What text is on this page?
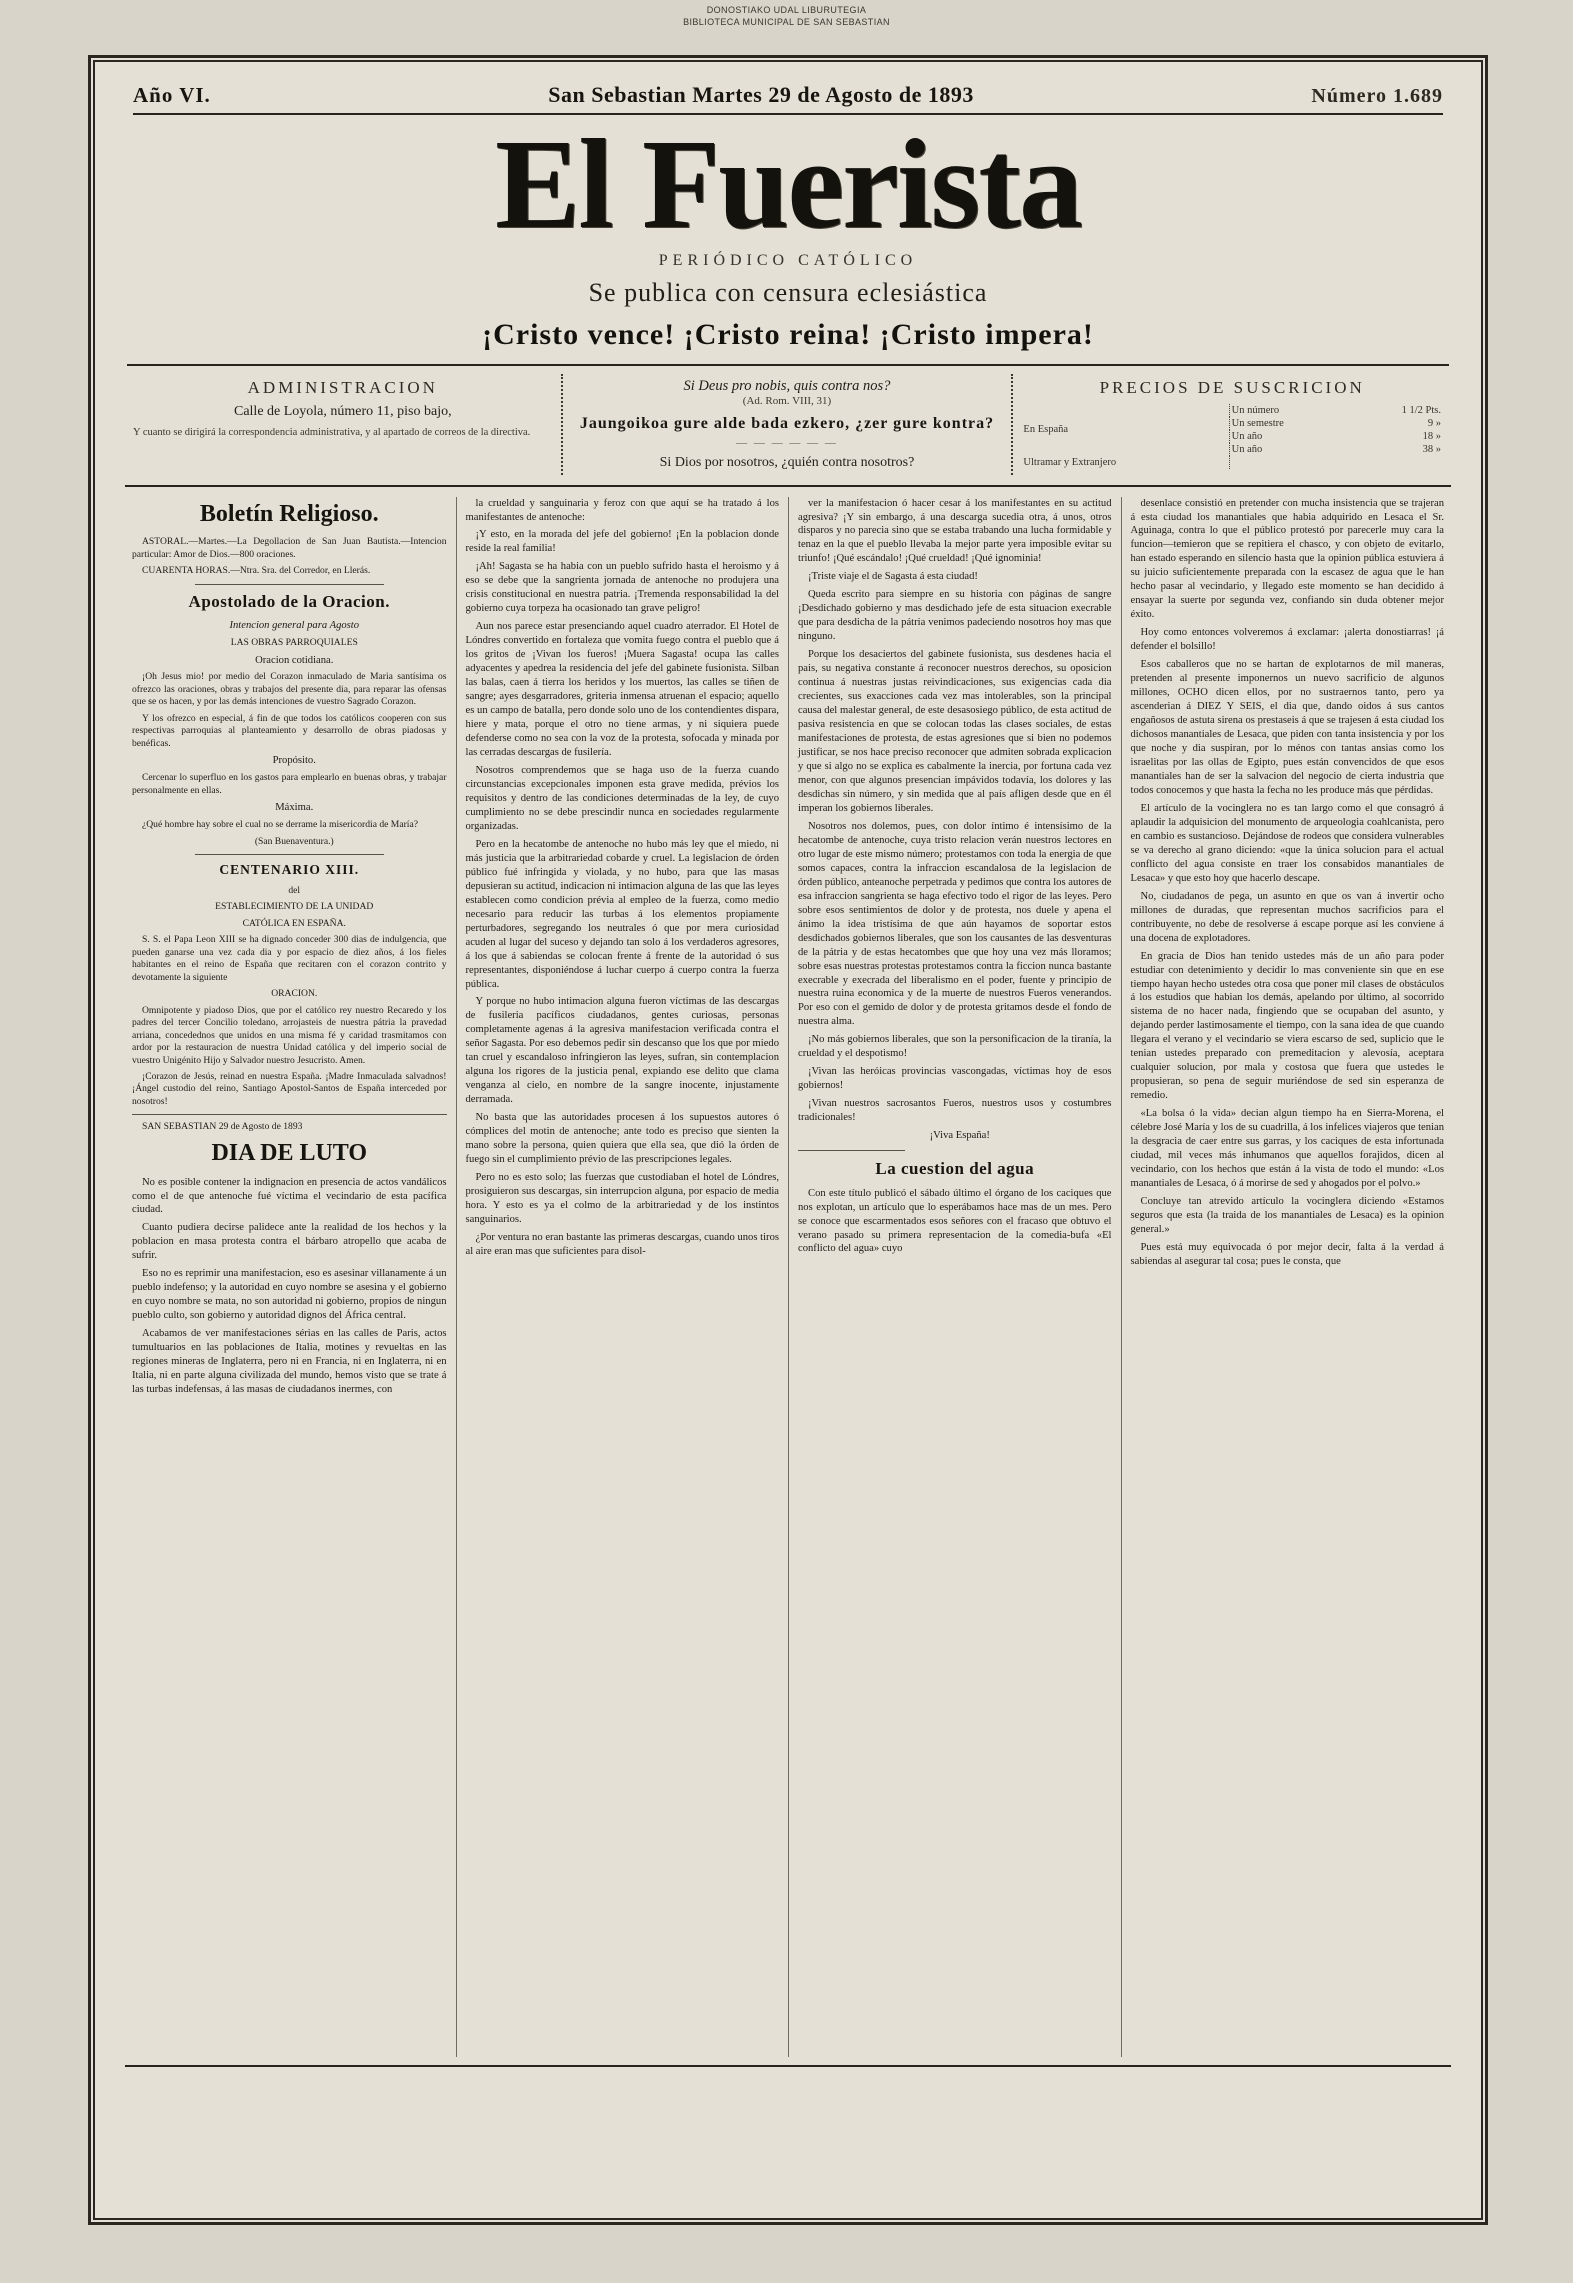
DONOSTIAKO UDAL LIBURUTEGIA
BIBLIOTECA MUNICIPAL DE SAN SEBASTIAN
Año VI.	San Sebastian Martes 29 de Agosto de 1893	Número 1.689
El Fuerista
PERIÓDICO CATÓLICO
Se publica con censura eclesiástica
¡Cristo vence! ¡Cristo reina! ¡Cristo impera!
ADMINISTRACION
Calle de Loyola, número 11, piso bajo,
Y cuanto se dirigirá la correspondencia administrativa, y al apartado de correos de la directiva.
Si Deus pro nobis, quis contra nos?
(Ad. Rom. VIII, 31)
Jaungoikoa gure alde bada ezkero, ¿zer gure kontra?
— — — — — —
Si Dios por nosotros, ¿quién contra nosotros?
PRECIOS DE SUSCRICION
En España	Un número	1 1/2 Pts.
	Un semestre	9 »
	Un año	18 »
	Un año	38 »
Ultramar y Extranjero		
Boletín Religioso.

ASTORAL.—Martes.—La Degollacion de San Juan Bautista.—Intencion particular: Amor de Dios.—800 oraciones.

CUARENTA HORAS.—Ntra. Sra. del Corredor, en Llerás.

Apostolado de la Oracion.

Intencion general para Agosto

LAS OBRAS PARROQUIALES

Oracion cotidiana.

¡Oh Jesus mio! por medio del Corazon inmaculado de Maria santísima os ofrezco las oraciones, obras y trabajos del presente dia, para reparar las ofensas que se os hacen, y por las demás intenciones de vuestro Sagrado Corazon.

Y los ofrezco en especial, á fin de que todos los católicos cooperen con sus respectivas parroquias al planteamiento y desarrollo de obras piadosas y benéficas.

Propósito.

Cercenar lo superfluo en los gastos para emplearlo en buenas obras, y trabajar personalmente en ellas.

Máxima.

¿Qué hombre hay sobre el cual no se derrame la misericordia de María?

(San Buenaventura.)

CENTENARIO XIII.

del

ESTABLECIMIENTO DE LA UNIDAD

CATÓLICA EN ESPAÑA.

S. S. el Papa Leon XIII se ha dignado conceder 300 dias de indulgencia, que pueden ganarse una vez cada dia y por espacio de diez años, á los fieles habitantes en el reino de España que recitaren con el corazon contrito y devotamente la siguiente

ORACION.

Omnipotente y piadoso Dios, que por el católico rey nuestro Recaredo y los padres del tercer Concilio toledano, arrojasteis de nuestra pátria la pravedad arriana, concedednos que unidos en una misma fé y caridad trasmitamos con ardor por la restauracion de nuestra Unidad católica y del imperio social de vuestro Unigénito Hijo y Salvador nuestro Jesucristo. Amen.

¡Corazon de Jesús, reinad en nuestra España. ¡Madre Inmaculada salvadnos! ¡Ángel custodio del reino, Santiago Apostol-Santos de España interceded por nosotros!

SAN SEBASTIAN 29 de Agosto de 1893

DIA DE LUTO

No es posible contener la indignacion en presencia de actos vandálicos como el de que antenoche fué víctima el vecindario de esta pacífica ciudad.

Cuanto pudiera decirse palidece ante la realidad de los hechos y la poblacion en masa protesta contra el bárbaro atropello que acaba de sufrir.

Eso no es reprimir una manifestacion, eso es asesinar villanamente á un pueblo indefenso; y la autoridad en cuyo nombre se asesina y el gobierno en cuyo nombre se mata, no son autoridad ni gobierno, propios de ningun pueblo culto, son gobierno y autoridad dignos del África central.

Acabamos de ver manifestaciones sérias en las calles de Paris, actos tumultuarios en las poblaciones de Italia, motines y revueltas en las regiones mineras de Inglaterra, pero ni en Francia, ni en Inglaterra, ni en Italia, ni en parte alguna civilizada del mundo, hemos visto que se trate á las turbas indefensas, á las masas de ciudadanos inermes, con

la crueldad y sanguinaria y feroz con que aquí se ha tratado á los manifestantes de antenoche:

¡Y esto, en la morada del jefe del gobierno! ¡En la poblacion donde reside la real familia!

¡Ah! Sagasta se ha habia con un pueblo sufrido hasta el heroismo y á eso se debe que la sangrienta jornada de antenoche no produjera una crisis constitucional en nuestra patria. ¡Tremenda responsabilidad la del gobierno cuya torpeza ha ocasionado tan grave peligro!

Aun nos parece estar presenciando aquel cuadro aterrador. El Hotel de Lóndres convertido en fortaleza que vomita fuego contra el pueblo que á los gritos de ¡Vivan los fueros! ¡Muera Sagasta! ocupa las calles adyacentes y apedrea la residencia del jefe del gabinete fusionista. Silban las balas, caen á tierra los heridos y los muertos, las calles se tiñen de sangre; ayes desgarradores, griteria inmensa atruenan el espacio; aquello es un campo de batalla, pero donde solo uno de los contendientes dispara, hiere y mata, porque el otro no tiene armas, y ni siquiera puede defenderse como no sea con la voz de la protesta, sofocada y minada por las cerradas descargas de fusilería.

Nosotros comprendemos que se haga uso de la fuerza cuando circunstancias excepcionales imponen esta grave medida, prévios los requisitos y dentro de las condiciones determinadas de la ley, de cuyo cumplimiento no se debe prescindir nunca en sociedades regularmente organizadas.

Pero en la hecatombe de antenoche no hubo más ley que el miedo, ni más justicia que la arbitrariedad cobarde y cruel. La legislacion de órden público fué infringida y violada, y no hubo, para que las masas depusieran su actitud, indicacion ni intimacion alguna de las que las leyes establecen como condicion prévia al empleo de la fuerza, como medio necesario para reducir las turbas á los elementos propiamente perturbadores, segregando los neutrales ó que por mera curiosidad acuden al lugar del suceso y dejando tan solo á los verdaderos agresores, á los que á sabiendas se colocan frente á frente de la autoridad ó sus representantes, disponiéndose á luchar cuerpo á cuerpo contra la fuerza pública.

Y porque no hubo intimacion alguna fueron víctimas de las descargas de fusileria pacíficos ciudadanos, gentes curiosas, personas completamente agenas á la agresiva manifestacion verificada contra el señor Sagasta. Por eso debemos pedir sin descanso que los que por miedo tan cruel y escandaloso infringieron las leyes, sufran, sin contemplacion alguna los rigores de la justicia penal, expiando ese delito que clama venganza al cielo, en nombre de la sangre inocente, injustamente derramada.

No basta que las autoridades procesen á los supuestos autores ó cómplices del motin de antenoche; ante todo es preciso que sienten la mano sobre la persona, quien quiera que ella sea, que dió la órden de fuego sin el cumplimiento prévio de las prescripciones legales.

Pero no es esto solo; las fuerzas que custodiaban el hotel de Lóndres, prosiguieron sus descargas, sin interrupcion alguna, por espacio de media hora. Y esto es ya el colmo de la arbitrariedad y de los instintos sanguinarios.

¿Por ventura no eran bastante las primeras descargas, cuando unos tiros al aire eran mas que suficientes para disol-

ver la manifestacion ó hacer cesar á los manifestantes en su actitud agresiva? ¡Y sin embargo, á una descarga sucedia otra, á unos, otros disparos y no parecia sino que se estaba trabando una lucha formidable y tenaz en la que el pueblo llevaba la mejor parte yera imposible evitar su triunfo! ¡Qué escándalo! ¡Qué crueldad! ¡Qué ignominia!

¡Triste viaje el de Sagasta á esta ciudad!

Queda escrito para siempre en su historia con páginas de sangre ¡Desdichado gobierno y mas desdichado jefe de esta situacion execrable que para desdicha de la pátria venimos padeciendo nosotros hoy mas que ninguno.

Porque los desaciertos del gabinete fusionista, sus desdenes hacia el pais, su negativa constante á reconocer nuestros derechos, su oposicion continua á nuestras justas reivindicaciones, sus exigencias cada dia crecientes, sus exacciones cada vez mas intolerables, son la principal causa del malestar general, de este desasosiego público, de esta actitud de pasiva resistencia en que se colocan todas las clases sociales, de estas manifestaciones de protesta, de estas agresiones que si bien no podemos justificar, se nos hace preciso reconocer que admiten sobrada explicacion y que si algo no se explica es cabalmente la inercia, por fortuna cada vez menor, con que algunos presencian impávidos todavía, los dolores y las desdichas sin número, y sin medida que al país afligen desde que en él imperan los gobiernos liberales.

Nosotros nos dolemos, pues, con dolor íntimo é intensísimo de la hecatombe de antenoche, cuya tristo relacion verán nuestros lectores en otro lugar de este mismo número; protestamos con toda la energia de que somos capaces, contra la infraccion escandalosa de la legislacion de órden público, anteanoche perpetrada y pedimos que contra los autores de esa infraccion sangrienta se haga efectivo todo el rigor de las leyes. Pero sobre esos sentimientos de dolor y de protesta, nos duele y apena el ánimo la idea tristísima de que aún hayamos de soportar estos desdichados gobiernos liberales, que son los causantes de las desventuras de la pátria y de estas hecatombes que que hoy una vez más lloramos; sobre esas nuestras protestas protestamos contra la ficcion nunca bastante execrable y execrada del liberalismo en el poder, fuente y principio de nuestra ruina economica y de la muerte de nuestros Fueros venerandos. Por eso con el gemido de dolor y de protesta gritamos desde el fondo de nuestra alma.

¡No más gobiernos liberales, que son la personificacion de la tiranía, la crueldad y el despotismo!

¡Vivan las heróicas provincias vascongadas, víctimas hoy de esos gobiernos!

¡Vivan nuestros sacrosantos Fueros, nuestros usos y costumbres tradicionales!

¡Viva España!

La cuestion del agua

Con este título publicó el sábado último el órgano de los caciques que nos explotan, un artículo que lo esperábamos hace mas de un mes. Pero se conoce que escarmentados esos señores con el fracaso que obtuvo el verano pasado su primera representacion de la comedia-bufa «El conflicto del agua» cuyo

desenlace consistió en pretender con mucha insistencia que se trajeran á esta ciudad los manantiales que habia adquirido en Lesaca el Sr. Aguinaga, contra lo que el público protestó por parecerle muy cara la funcion—temieron que se repitiera el chasco, y con objeto de evitarlo, han estado esperando en silencio hasta que la opinion pública estuviera á su juicio suficientemente preparada con la escasez de agua que le han hecho pasar al vecindario, y llegado este momento se han decidido á ensayar la suerte por segunda vez, confiando sin duda obtener mejor éxito.

Hoy como entonces volveremos á exclamar: ¡alerta donostiarras! ¡á defender el bolsillo!

Esos caballeros que no se hartan de explotarnos de mil maneras, pretenden al presente imponernos un nuevo sacrificio de algunos millones, OCHO dicen ellos, por no sustraernos tanto, pero ya ascenderian á DIEZ Y SEIS, el dia que, dando oidos á sus cantos engañosos de astuta sirena os prestaseis á que se trajesen á esta ciudad los dichosos manantiales de Lesaca, que piden con tanta insistencia y por los que noche y dia suspiran, por lo ménos con tantas ansias como los israelitas por las ollas de Egipto, pues están convencidos de que esos manantiales han de ser la salvacion del negocio de cierta industria que todos conocemos y que hasta la fecha no les produce más que pérdidas.

El artículo de la vocinglera no es tan largo como el que consagró á aplaudir la adquisicion del monumento de arqueologia coahlcanista, pero en cambio es sustancioso. Dejándose de rodeos que considera vulnerables se va derecho al grano diciendo: «que la única solucion para el actual conflicto del agua consiste en traer los consabidos manantiales de Lesaca» y que esto hoy que hacerlo descape.

No, ciudadanos de pega, un asunto en que os van á invertir ocho millones de duradas, que representan muchos sacrificios para el contribuyente, no debe de resolverse á escape porque así les conviene á una docena de explotadores.

En gracia de Dios han tenido ustedes más de un año para poder estudiar con detenimiento y decidir lo mas conveniente sin que en ese tiempo hayan hecho ustedes otra cosa que poner mil clases de obstáculos á los estudios que habian los demás, apelando por último, al socorrido sistema de no hacer nada, fingiendo que se ocupaban del asunto, y dejando perder lastimosamente el tiempo, con la sana idea de que cuando llegara el verano y el vecindario se viera escarso de sed, suplicio que le tenian ustedes preparado con premeditacion y alevosía, aceptara cualquier solucion, por mala y costosa que fuera que ustedes le propusieran, so pena de seguir muriéndose de sed sin esperanza de remedio.

«La bolsa ó la vida» decian algun tiempo ha en Sierra-Morena, el célebre José María y los de su cuadrilla, á los infelices viajeros que tenian la desgracia de caer entre sus garras, y los caciques de esta infortunada ciudad, mil veces más inhumanos que aquellos forajidos, dicen al vecindario, con los hechos que están á la vista de todo el mundo: «Los manantiales de Lesaca, ó á morirse de sed y ahogados por el polvo.»

Concluye tan atrevido artículo la vocinglera diciendo «Estamos seguros que esta (la traida de los manantiales de Lesaca) es la opinion general.»

Pues está muy equivocada ó por mejor decir, falta á la verdad á sabiendas al asegurar tal cosa; pues le consta, que
